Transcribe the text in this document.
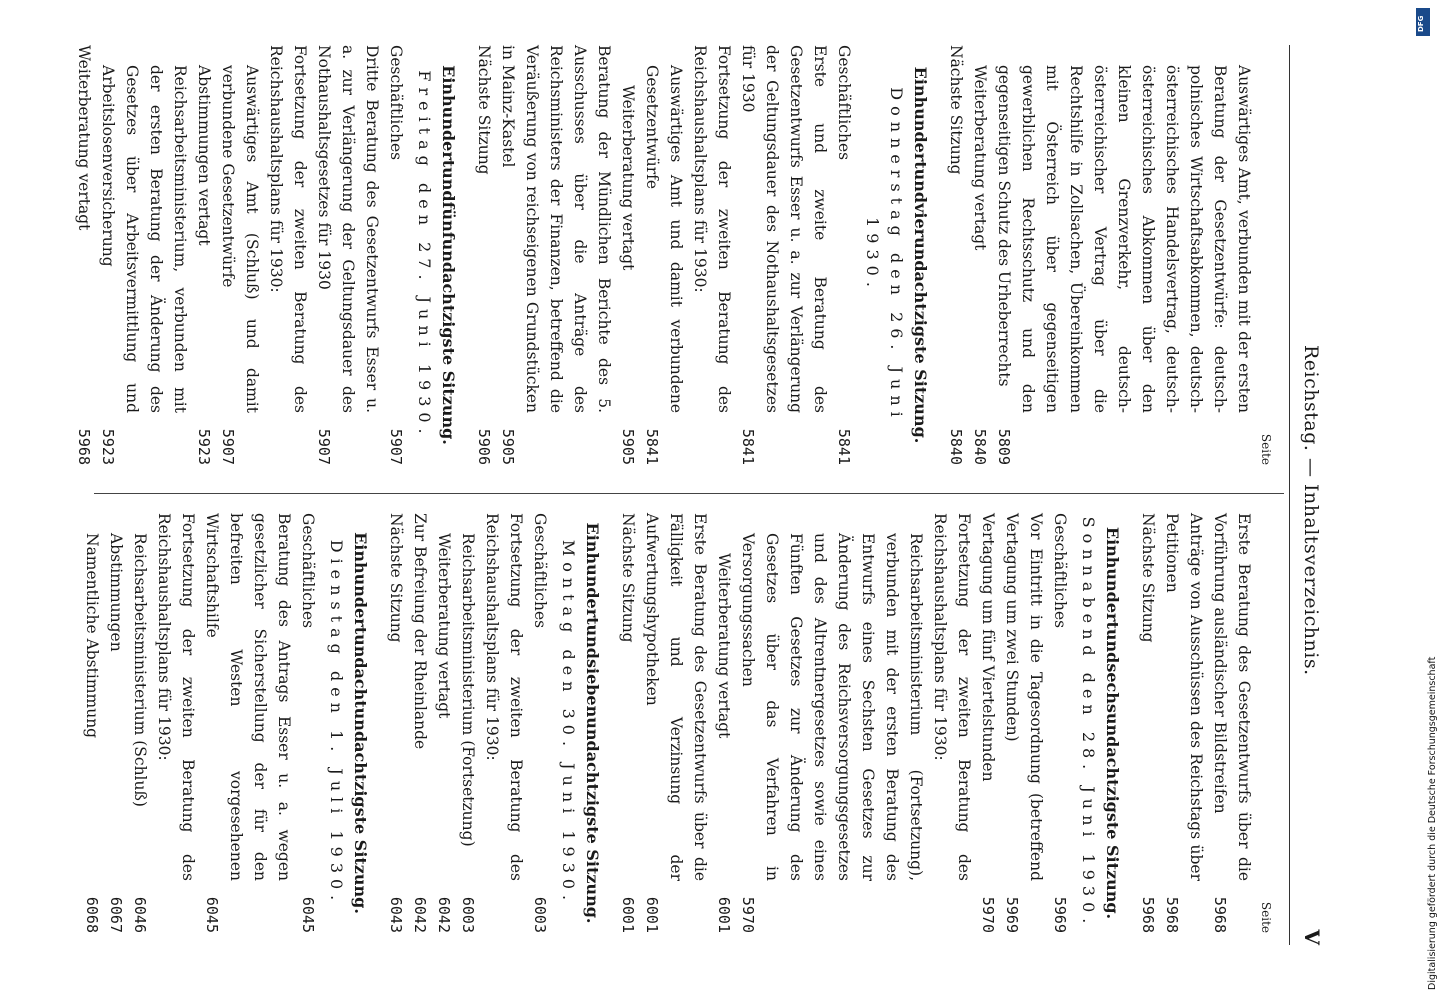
Reichstag. — Inhaltsverzeichnis.
V
Seite
Auswärtiges Amt, verbunden mit der ersten Beratung der Gesetzentwürfe: deutsch-polnisches Wirtschaftsabkommen, deutsch-österreichisches Handelsvertrag, deutsch-österreichisches Abkommen über den kleinen Grenzverkehr, deutsch-österreichischer Vertrag über die Rechtshilfe in Zollsachen, Übereinkommen mit Österreich über gegenseitigen gewerblichen Rechtsschutz und den gegenseitigen Schutz des Urheberrechts
5809
Weiterberatung vertagt
5840
Nächste Sitzung
5840
Einhundertundvierundachtzigste Sitzung.
Donnerstag den 26. Juni 1930.
Geschäftliches
5841
Erste und zweite Beratung des Gesetzentwurfs Esser u. a. zur Verlängerung der Geltungsdauer des Nothaushaltsgesetzes für 1930
5841
Fortsetzung der zweiten Beratung des Reichshaushaltsplans für 1930:
Auswärtiges Amt und damit verbundene Gesetzentwürfe
5841
Weiterberatung vertagt
5905
Beratung der Mündlichen Berichte des 5. Ausschusses über die Anträge des Reichsministers der Finanzen, betreffend die Veräußerung von reichseigenen Grundstücken in Mainz-Kastel
5905
Nächste Sitzung
5906
Einhundertundfünfundachtzigste Sitzung.
Freitag den 27. Juni 1930.
Geschäftliches
5907
Dritte Beratung des Gesetzentwurfs Esser u. a. zur Verlängerung der Geltungsdauer des Nothaushaltsgesetzes für 1930
5907
Fortsetzung der zweiten Beratung des Reichshaushaltsplans für 1930:
Auswärtiges Amt (Schluß) und damit verbundene Gesetzentwürfe
5907
Abstimmungen vertagt
5923
Reichsarbeitsministerium, verbunden mit der ersten Beratung der Änderung des Gesetzes über Arbeitsvermittlung und Arbeitslosenversicherung
5923
Weiterberatung vertagt
5968
Seite
Erste Beratung des Gesetzentwurfs über die Vorführung ausländischer Bildstreifen
5968
Anträge von Ausschüssen des Reichstags über Petitionen
5968
Nächste Sitzung
5968
Einhundertundsechsundachtzigste Sitzung.
Sonnabend den 28. Juni 1930.
Geschäftliches
5969
Vor Eintritt in die Tagesordnung (betreffend Vertagung um zwei Stunden)
5969
Vertagung um fünf Viertelstunden
5970
Fortsetzung der zweiten Beratung des Reichshaushaltsplans für 1930:
Reichsarbeitsministerium (Fortsetzung), verbunden mit der ersten Beratung des Entwurfs eines Sechsten Gesetzes zur Änderung des Reichsversorgungsgesetzes und des Altrentnergesetzes sowie eines Fünften Gesetzes zur Änderung des Gesetzes über das Verfahren in Versorgungssachen
5970
Weiterberatung vertagt
6001
Erste Beratung des Gesetzentwurfs über die Fälligkeit und Verzinsung der Aufwertungshypotheken
6001
Nächste Sitzung
6001
Einhundertundsiebenundachtzigste Sitzung.
Montag den 30. Juni 1930.
Geschäftliches
6003
Fortsetzung der zweiten Beratung des Reichshaushaltsplans für 1930:
Reichsarbeitsministerium (Fortsetzung)
6003
Weiterberatung vertagt
6042
Zur Befreiung der Rheinlande
6042
Nächste Sitzung
6043
Einhundertundachtundachtzigste Sitzung.
Dienstag den 1. Juli 1930.
Geschäftliches
6045
Beratung des Antrags Esser u. a. wegen gesetzlicher Sicherstellung der für den befreiten Westen vorgesehenen Wirtschaftshilfe
6045
Fortsetzung der zweiten Beratung des Reichshaushaltsplans für 1930:
Reichsarbeitsministerium (Schluß)
6046
Abstimmungen
6067
Namentliche Abstimmung
6068
DFG
Digitalisierung gefördert durch die Deutsche Forschungsgemeinschaft
